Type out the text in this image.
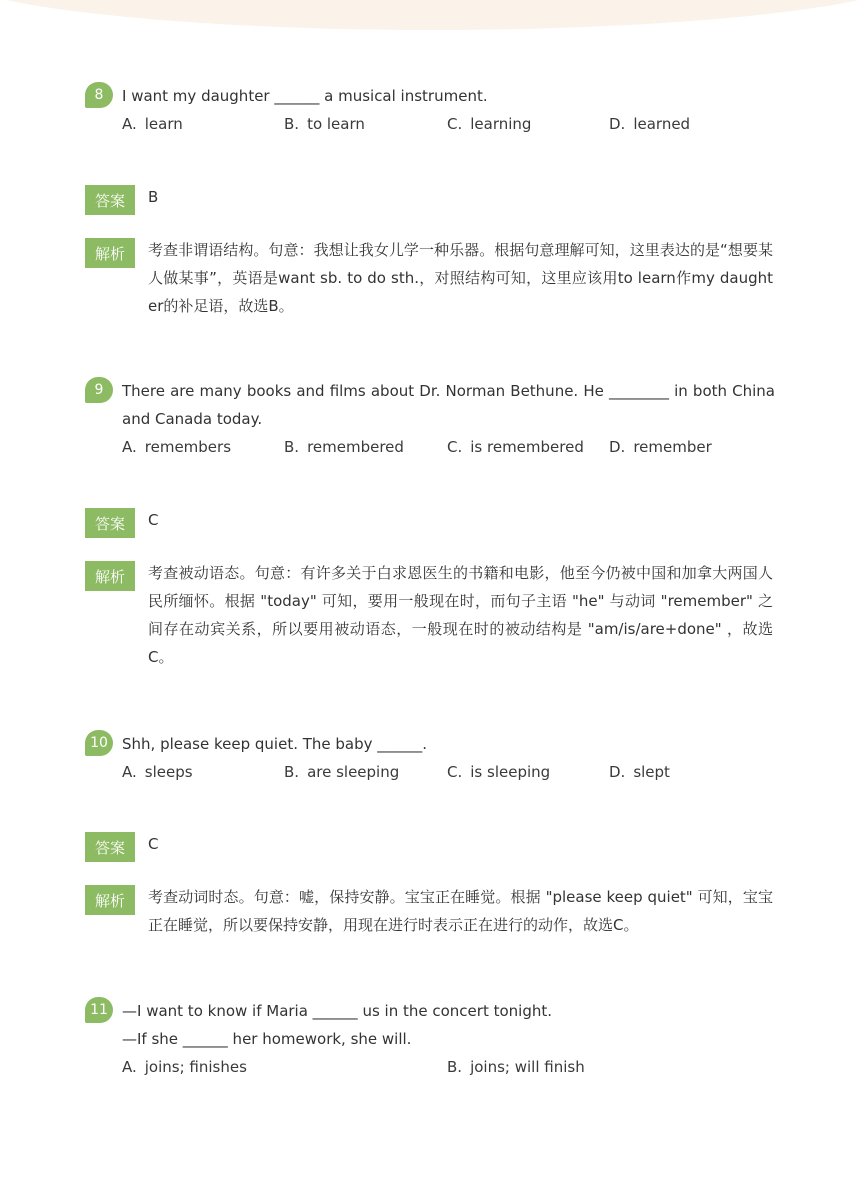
8	I want my daughter ______ a musical instrument.
A. learn	B. to learn	C. learning	D. learned
答案	B
解析	考查非谓语结构。句意：我想让我女儿学一种乐器。根据句意理解可知，这里表达的是“想要某人做某事”，英语是want sb. to do sth.，对照结构可知，这里应该用to learn作my daughter的补足语，故选B。
9	There are many books and films about Dr. Norman Bethune. He ________ in both China and Canada today.
A. remembers	B. remembered	C. is remembered D. remember
答案	C
解析	考查被动语态。句意：有许多关于白求恩医生的书籍和电影，他至今仍被中国和加拿大两国人民所缅怀。根据 "today" 可知，要用一般现在时，而句子主语 "he" 与动词 "remember" 之间存在动宾关系，所以要用被动语态，一般现在时的被动结构是 "am/is/are+done" ，故选C。
10 Shh, please keep quiet. The baby ______.
A. sleeps	B. are sleeping	C. is sleeping	D. slept
答案	C
解析	考查动词时态。句意：嘘，保持安静。宝宝正在睡觉。根据 "please keep quiet" 可知，宝宝正在睡觉，所以要保持安静，用现在进行时表示正在进行的动作，故选C。
11 —I want to know if Maria ______ us in the concert tonight.
—If she ______ her homework, she will.
A. joins; finishes	B. joins; will finish
